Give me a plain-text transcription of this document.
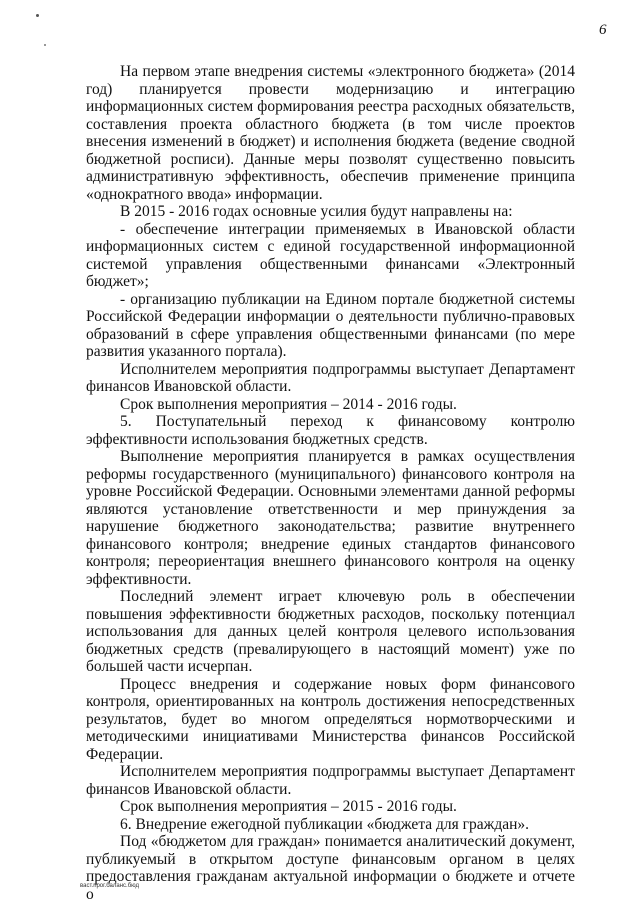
6

На первом этапе внедрения системы «электронного бюджета» (2014 год) планируется провести модернизацию и интеграцию информационных систем формирования реестра расходных обязательств, составления проекта областного бюджета (в том числе проектов внесения изменений в бюджет) и исполнения бюджета (ведение сводной бюджетной росписи). Данные меры позволят существенно повысить административную эффективность, обеспечив применение принципа «однократного ввода» информации.

В 2015 - 2016 годах основные усилия будут направлены на:

- обеспечение интеграции применяемых в Ивановской области информационных систем с единой государственной информационной системой управления общественными финансами «Электронный бюджет»;

- организацию публикации на Едином портале бюджетной системы Российской Федерации информации о деятельности публично-правовых образований в сфере управления общественными финансами (по мере развития указанного портала).

Исполнителем мероприятия подпрограммы выступает Департамент финансов Ивановской области.

Срок выполнения мероприятия – 2014 - 2016 годы.

5. Поступательный переход к финансовому контролю эффективности использования бюджетных средств.

Выполнение мероприятия планируется в рамках осуществления реформы государственного (муниципального) финансового контроля на уровне Российской Федерации. Основными элементами данной реформы являются установление ответственности и мер принуждения за нарушение бюджетного законодательства; развитие внутреннего финансового контроля; внедрение единых стандартов финансового контроля; переориентация внешнего финансового контроля на оценку эффективности.

Последний элемент играет ключевую роль в обеспечении повышения эффективности бюджетных расходов, поскольку потенциал использования для данных целей контроля целевого использования бюджетных средств (превалирующего в настоящий момент) уже по большей части исчерпан.

Процесс внедрения и содержание новых форм финансового контроля, ориентированных на контроль достижения непосредственных результатов, будет во многом определяться нормотворческими и методическими инициативами Министерства финансов Российской Федерации.

Исполнителем мероприятия подпрограммы выступает Департамент финансов Ивановской области.

Срок выполнения мероприятия – 2015 - 2016 годы.

6. Внедрение ежегодной публикации «бюджета для граждан».

Под «бюджетом для граждан» понимается аналитический документ, публикуемый в открытом доступе финансовым органом в целях предоставления гражданам актуальной информации о бюджете и отчете о

васт.прог.баланс.бюд
